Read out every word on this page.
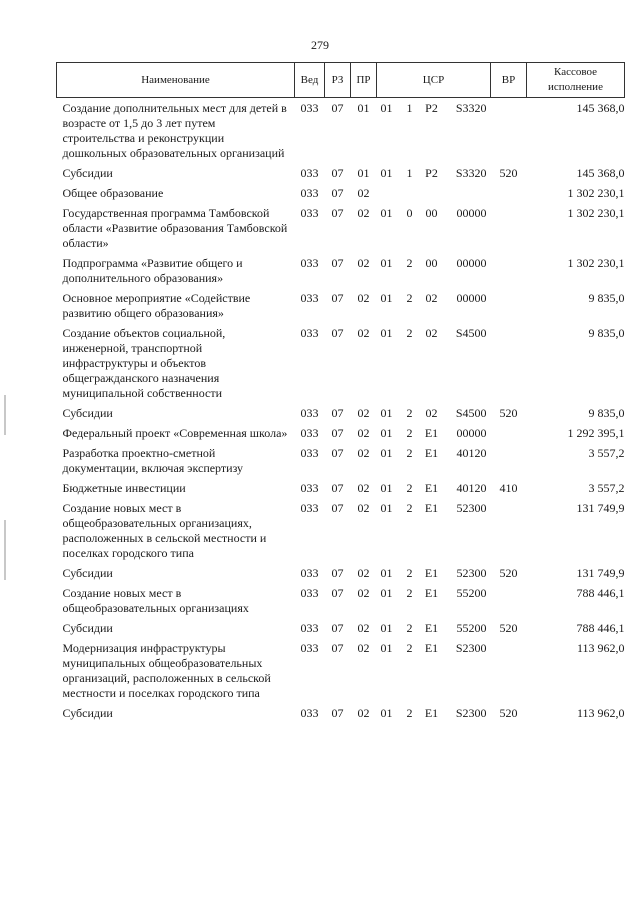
279
Наименование	Вед	РЗ	ПР	ЦСР	ВР	Кассовое исполнение
Создание дополнительных мест для детей в возрасте от 1,5 до 3 лет путем строительства и реконструкции дошкольных образовательных организаций	033	07	01	01 1 P2 S3320		145 368,0
Субсидии	033	07	01	01 1 P2 S3320	520	145 368,0
Общее образование	033	07	02			1 302 230,1
Государственная программа Тамбовской области «Развитие образования Тамбовской области»	033	07	02	01 0 00 00000		1 302 230,1
Подпрограмма «Развитие общего и дополнительного образования»	033	07	02	01 2 00 00000		1 302 230,1
Основное мероприятие «Содействие развитию общего образования»	033	07	02	01 2 02 00000		9 835,0
Создание объектов социальной, инженерной, транспортной инфраструктуры и объектов общегражданского назначения муниципальной собственности	033	07	02	01 2 02 S4500		9 835,0
Субсидии	033	07	02	01 2 02 S4500	520	9 835,0
Федеральный проект «Современная школа»	033	07	02	01 2 E1 00000		1 292 395,1
Разработка проектно-сметной документации, включая экспертизу	033	07	02	01 2 E1 40120		3 557,2
Бюджетные инвестиции	033	07	02	01 2 E1 40120	410	3 557,2
Создание новых мест в общеобразовательных организациях, расположенных в сельской местности и поселках городского типа	033	07	02	01 2 E1 52300		131 749,9
Субсидии	033	07	02	01 2 E1 52300	520	131 749,9
Создание новых мест в общеобразовательных организациях	033	07	02	01 2 E1 55200		788 446,1
Субсидии	033	07	02	01 2 E1 55200	520	788 446,1
Модернизация инфраструктуры муниципальных общеобразовательных организаций, расположенных в сельской местности и поселках городского типа	033	07	02	01 2 E1 S2300		113 962,0
Субсидии	033	07	02	01 2 E1 S2300	520	113 962,0
